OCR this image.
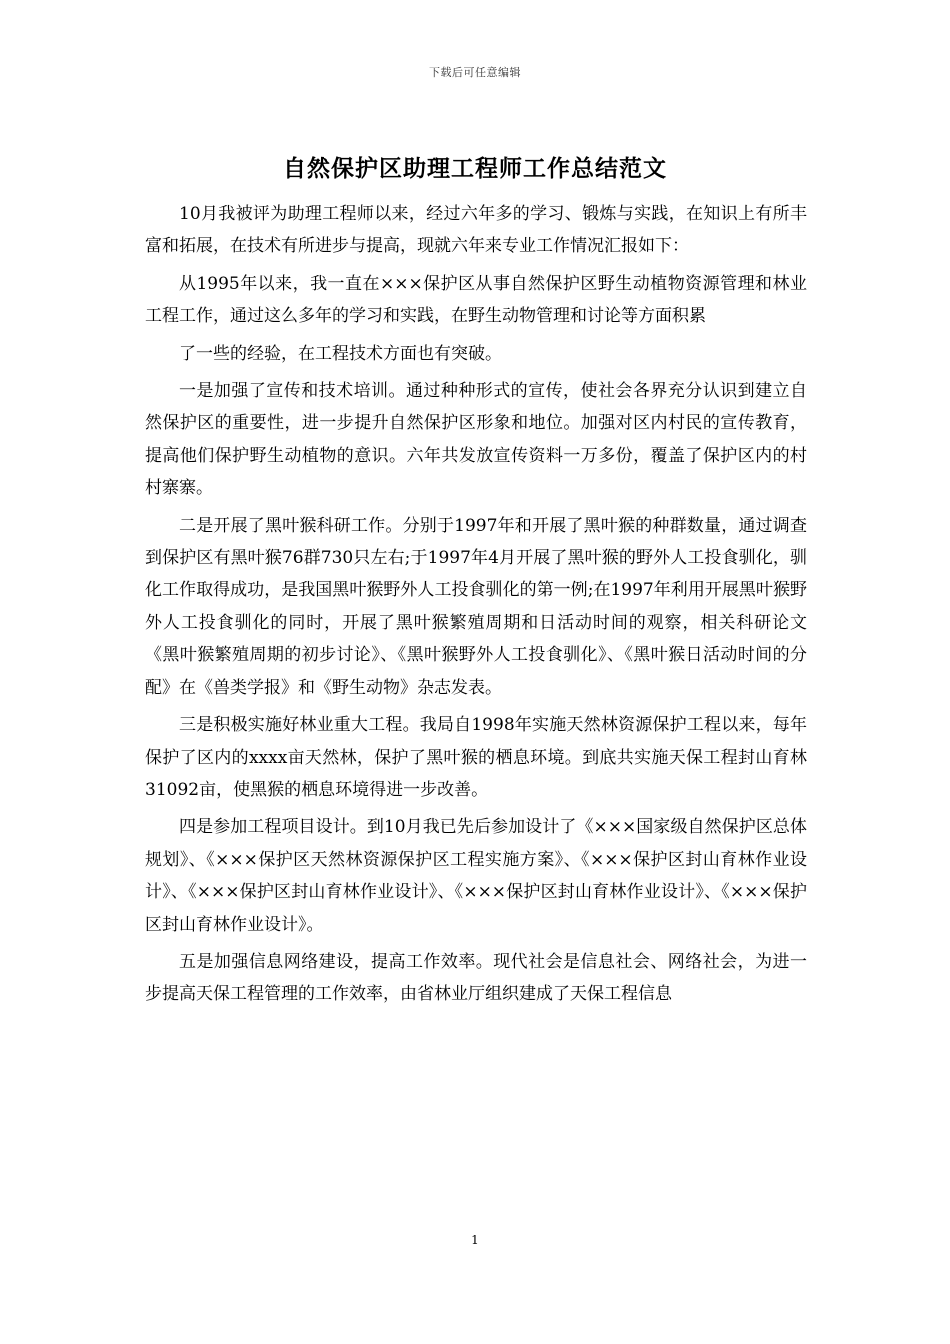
下载后可任意编辑
自然保护区助理工程师工作总结范文

10月我被评为助理工程师以来，经过六年多的学习、锻炼与实践，在知识上有所丰富和拓展，在技术有所进步与提高，现就六年来专业工作情况汇报如下：

从1995年以来，我一直在×××保护区从事自然保护区野生动植物资源管理和林业工程工作，通过这么多年的学习和实践，在野生动物管理和讨论等方面积累

了一些的经验，在工程技术方面也有突破。

一是加强了宣传和技术培训。通过种种形式的宣传，使社会各界充分认识到建立自然保护区的重要性，进一步提升自然保护区形象和地位。加强对区内村民的宣传教育，提高他们保护野生动植物的意识。六年共发放宣传资料一万多份，覆盖了保护区内的村村寨寨。

二是开展了黑叶猴科研工作。分别于1997年和开展了黑叶猴的种群数量，通过调查到保护区有黑叶猴76群730只左右;于1997年4月开展了黑叶猴的野外人工投食驯化，驯化工作取得成功，是我国黑叶猴野外人工投食驯化的第一例;在1997年利用开展黑叶猴野外人工投食驯化的同时，开展了黑叶猴繁殖周期和日活动时间的观察，相关科研论文《黑叶猴繁殖周期的初步讨论》、《黑叶猴野外人工投食驯化》、《黑叶猴日活动时间的分配》在《兽类学报》和《野生动物》杂志发表。

三是积极实施好林业重大工程。我局自1998年实施天然林资源保护工程以来，每年保护了区内的xxxx亩天然林，保护了黑叶猴的栖息环境。到底共实施天保工程封山育林31092亩，使黑猴的栖息环境得进一步改善。

四是参加工程项目设计。到10月我已先后参加设计了《×××国家级自然保护区总体规划》、《×××保护区天然林资源保护区工程实施方案》、《×××保护区封山育林作业设计》、《×××保护区封山育林作业设计》、《×××保护区封山育林作业设计》、《×××保护区封山育林作业设计》。

五是加强信息网络建设，提高工作效率。现代社会是信息社会、网络社会，为进一步提高天保工程管理的工作效率，由省林业厅组织建成了天保工程信息

1
